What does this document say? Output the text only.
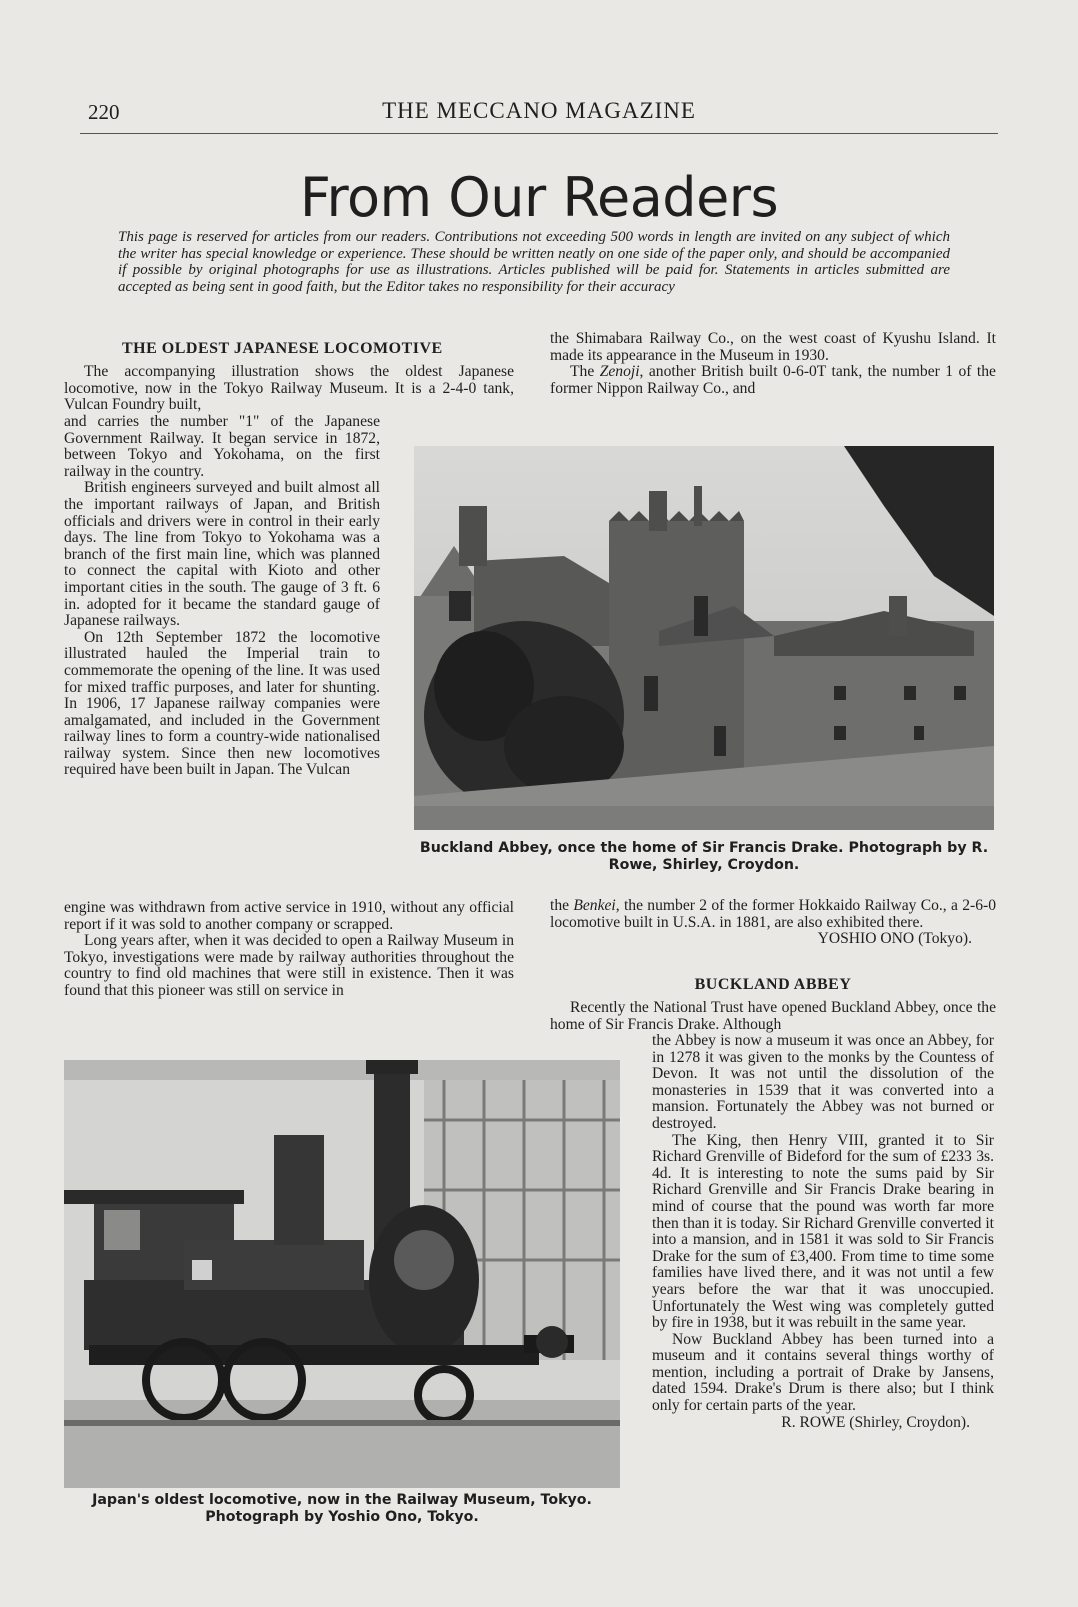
220	THE MECCANO MAGAZINE
From Our Readers
This page is reserved for articles from our readers. Contributions not exceeding 500 words in length are invited on any subject of which the writer has special knowledge or experience. These should be written neatly on one side of the paper only, and should be accompanied if possible by original photographs for use as illustrations. Articles published will be paid for. Statements in articles submitted are accepted as being sent in good faith, but the Editor takes no responsibility for their accuracy
THE OLDEST JAPANESE LOCOMOTIVE

The accompanying illustration shows the oldest Japanese locomotive, now in the Tokyo Railway Museum. It is a 2-4-0 tank, Vulcan Foundry built,

and carries the number "1" of the Japanese Government Railway. It began service in 1872, between Tokyo and Yokohama, on the first railway in the country.

British engineers surveyed and built almost all the important railways of Japan, and British officials and drivers were in control in their early days. The line from Tokyo to Yokohama was a branch of the first main line, which was planned to connect the capital with Kioto and other important cities in the south. The gauge of 3 ft. 6 in. adopted for it became the standard gauge of Japanese railways.

On 12th September 1872 the locomotive illustrated hauled the Imperial train to commemorate the opening of the line. It was used for mixed traffic purposes, and later for shunting. In 1906, 17 Japanese railway companies were amalgamated, and included in the Government railway lines to form a country-wide nationalised railway system. Since then new locomotives required have been built in Japan. The Vulcan

engine was withdrawn from active service in 1910, without any official report if it was sold to another company or scrapped.

Long years after, when it was decided to open a Railway Museum in Tokyo, investigations were made by railway authorities throughout the country to find old machines that were still in existence. Then it was found that this pioneer was still on service in

the Shimabara Railway Co., on the west coast of Kyushu Island. It made its appearance in the Museum in 1930.

The Zenoji, another British built 0-6-0T tank, the number 1 of the former Nippon Railway Co., and

Buckland Abbey, once the home of Sir Francis Drake. Photograph by R. Rowe, Shirley, Croydon.

the Benkei, the number 2 of the former Hokkaido Railway Co., a 2-6-0 locomotive built in U.S.A. in 1881, are also exhibited there.

YOSHIO ONO (Tokyo).
BUCKLAND ABBEY

Recently the National Trust have opened Buckland Abbey, once the home of Sir Francis Drake. Although

the Abbey is now a museum it was once an Abbey, for in 1278 it was given to the monks by the Countess of Devon. It was not until the dissolution of the monasteries in 1539 that it was converted into a mansion. Fortunately the Abbey was not burned or destroyed.

The King, then Henry VIII, granted it to Sir Richard Grenville of Bideford for the sum of £233 3s. 4d. It is interesting to note the sums paid by Sir Richard Grenville and Sir Francis Drake bearing in mind of course that the pound was worth far more then than it is today. Sir Richard Grenville converted it into a mansion, and in 1581 it was sold to Sir Francis Drake for the sum of £3,400. From time to time some families have lived there, and it was not until a few years before the war that it was unoccupied. Unfortunately the West wing was completely gutted by fire in 1938, but it was rebuilt in the same year.

Now Buckland Abbey has been turned into a museum and it contains several things worthy of mention, including a portrait of Drake by Jansens, dated 1594. Drake's Drum is there also; but I think only for certain parts of the year.

R. ROWE (Shirley, Croydon).
Japan's oldest locomotive, now in the Railway Museum, Tokyo. Photograph by Yoshio Ono, Tokyo.
